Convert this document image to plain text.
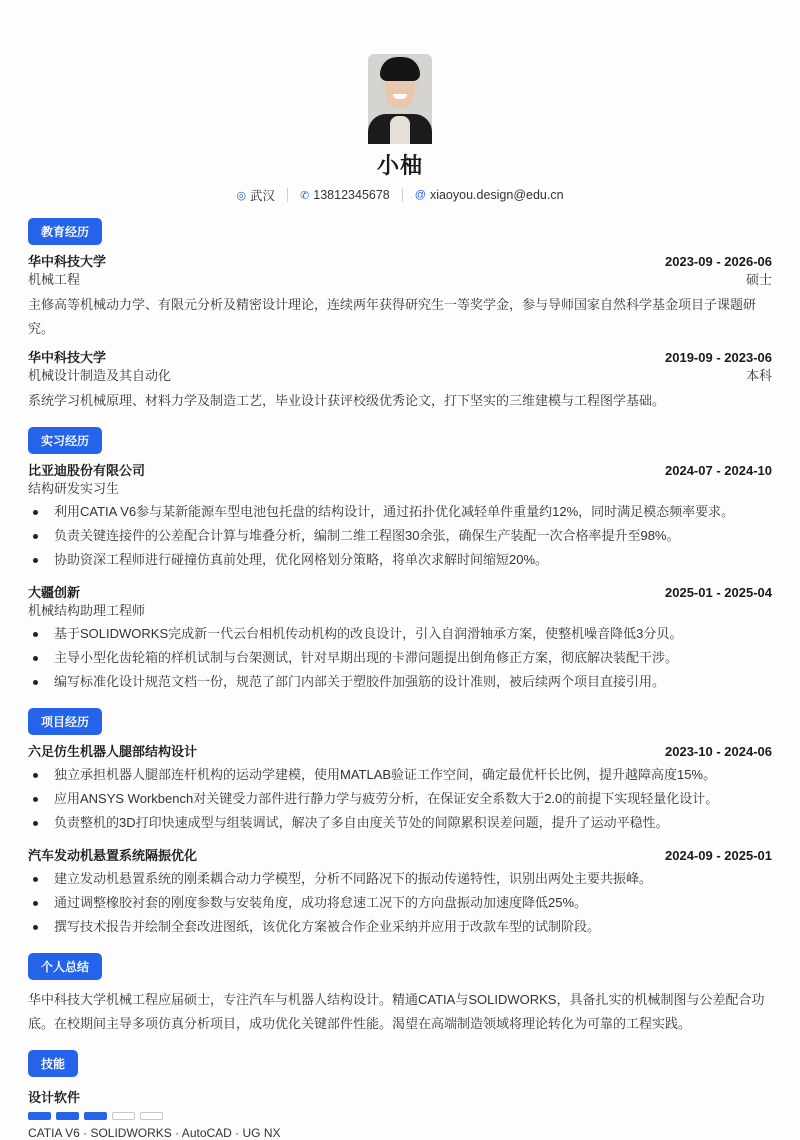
小柚
◎ 武汉 ✆ 13812345678 @ xiaoyou.design@edu.cn
教育经历
华中科技大学	2023-09 - 2026-06
机械工程	硕士
主修高等机械动力学、有限元分析及精密设计理论，连续两年获得研究生一等奖学金，参与导师国家自然科学基金项目子课题研究。
华中科技大学	2019-09 - 2023-06
机械设计制造及其自动化	本科
系统学习机械原理、材料力学及制造工艺，毕业设计获评校级优秀论文，打下坚实的三维建模与工程图学基础。
实习经历
比亚迪股份有限公司	2024-07 - 2024-10
结构研发实习生
利用CATIA V6参与某新能源车型电池包托盘的结构设计，通过拓扑优化减轻单件重量约12%，同时满足模态频率要求。
负责关键连接件的公差配合计算与堆叠分析，编制二维工程图30余张，确保生产装配一次合格率提升至98%。
协助资深工程师进行碰撞仿真前处理，优化网格划分策略，将单次求解时间缩短20%。
大疆创新	2025-01 - 2025-04
机械结构助理工程师
基于SOLIDWORKS完成新一代云台相机传动机构的改良设计，引入自润滑轴承方案，使整机噪音降低3分贝。
主导小型化齿轮箱的样机试制与台架测试，针对早期出现的卡滞问题提出倒角修正方案，彻底解决装配干涉。
编写标准化设计规范文档一份，规范了部门内部关于塑胶件加强筋的设计准则，被后续两个项目直接引用。
项目经历
六足仿生机器人腿部结构设计	2023-10 - 2024-06
独立承担机器人腿部连杆机构的运动学建模，使用MATLAB验证工作空间，确定最优杆长比例，提升越障高度15%。
应用ANSYS Workbench对关键受力部件进行静力学与疲劳分析，在保证安全系数大于2.0的前提下实现轻量化设计。
负责整机的3D打印快速成型与组装调试，解决了多自由度关节处的间隙累积误差问题，提升了运动平稳性。
汽车发动机悬置系统隔振优化	2024-09 - 2025-01
建立发动机悬置系统的刚柔耦合动力学模型，分析不同路况下的振动传递特性，识别出两处主要共振峰。
通过调整橡胶衬套的刚度参数与安装角度，成功将怠速工况下的方向盘振动加速度降低25%。
撰写技术报告并绘制全套改进图纸，该优化方案被合作企业采纳并应用于改款车型的试制阶段。
个人总结
华中科技大学机械工程应届硕士，专注汽车与机器人结构设计。精通CATIA与SOLIDWORKS，具备扎实的机械制图与公差配合功底。在校期间主导多项仿真分析项目，成功优化关键部件性能。渴望在高端制造领域将理论转化为可靠的工程实践。
技能
设计软件
CATIA V6 · SOLIDWORKS · AutoCAD · UG NX
